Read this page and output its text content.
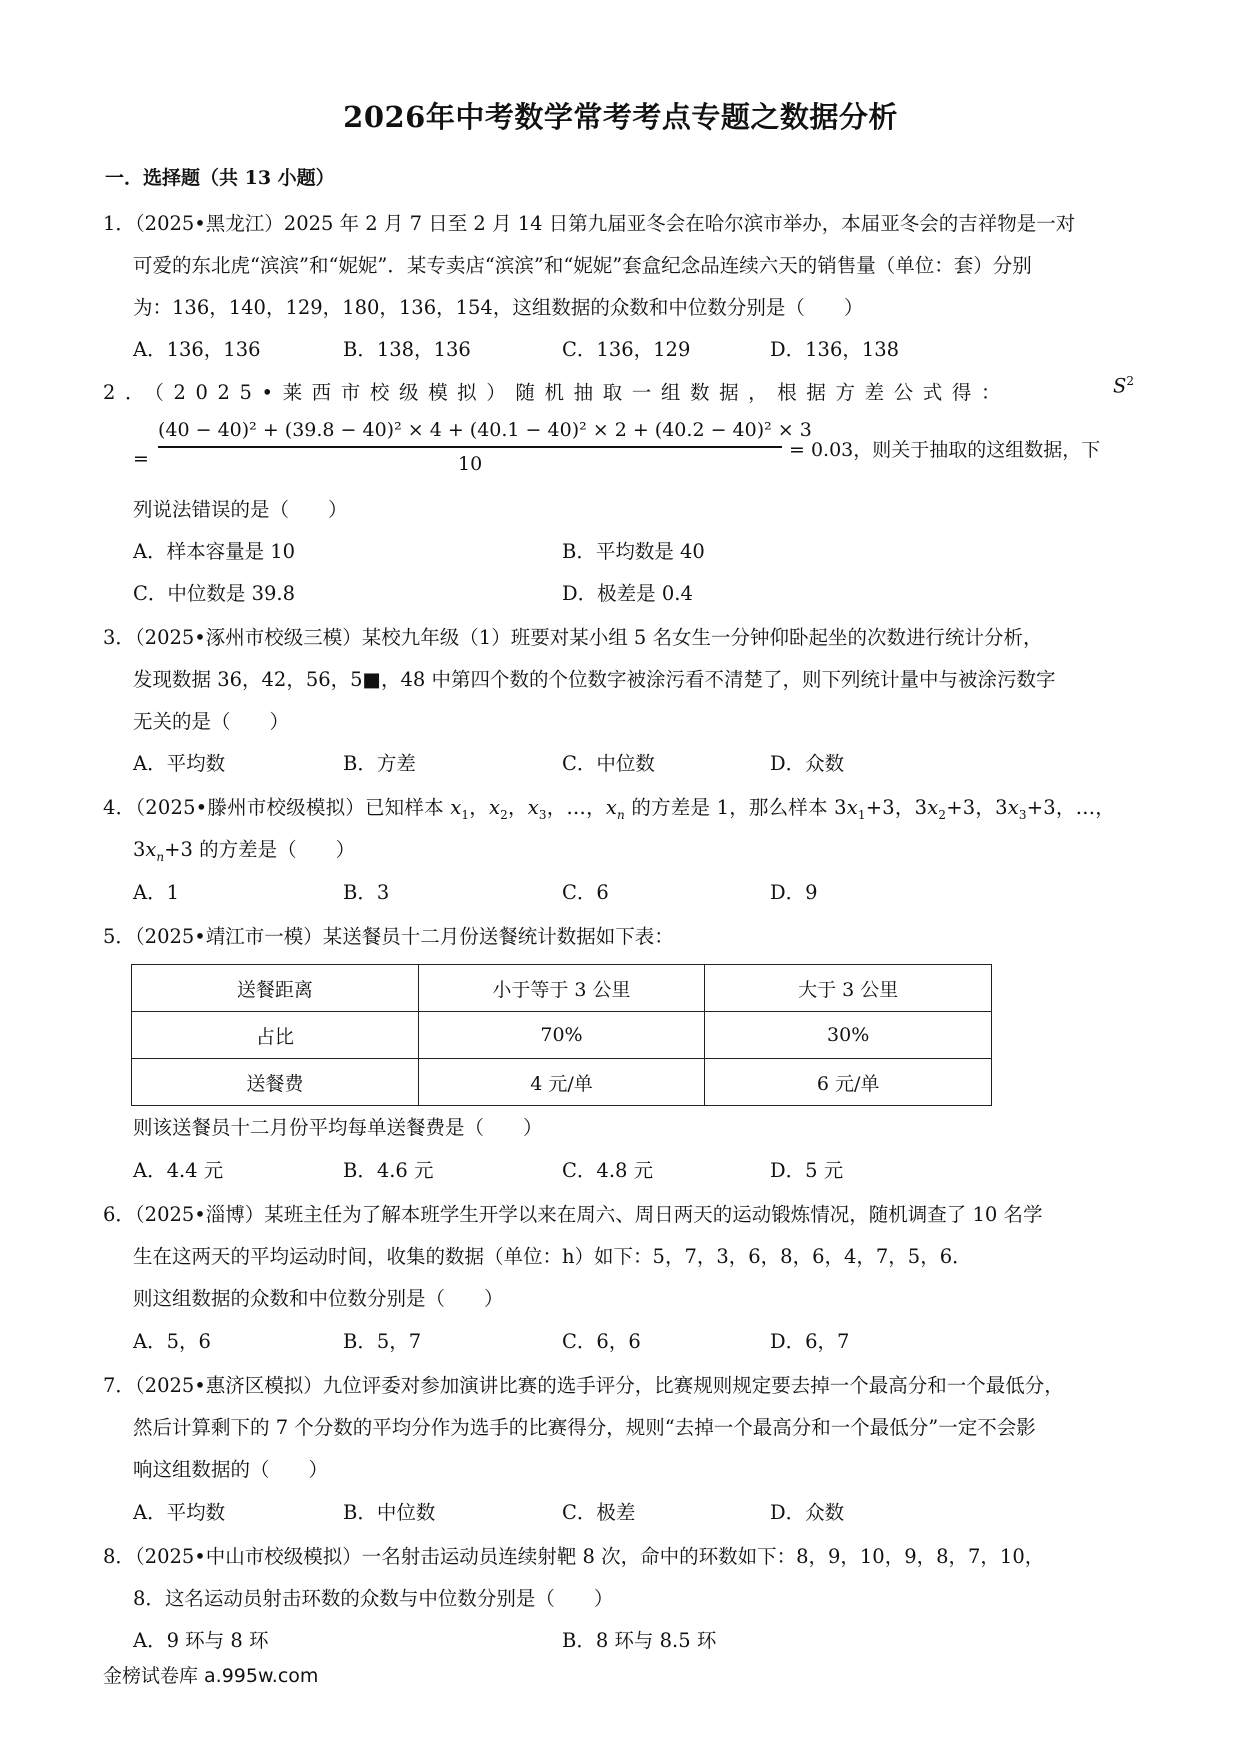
2026年中考数学常考考点专题之数据分析
一．选择题（共 13 小题）
1．（2025•黑龙江）2025 年 2 月 7 日至 2 月 14 日第九届亚冬会在哈尔滨市举办，本届亚冬会的吉祥物是一对
可爱的东北虎“滨滨”和“妮妮”．某专卖店“滨滨”和“妮妮”套盒纪念品连续六天的销售量（单位：套）分别
为：136，140，129，180，136，154，这组数据的众数和中位数分别是（　　）
A．136，136	B．138，136	C．136，129	D．136，138
2．（2025•莱西市校级模拟）随机抽取一组数据，根据方差公式得：	$S^2$
=
(40 − 40)² + (39.8 − 40)² × 4 + (40.1 − 40)² × 2 + (40.2 − 40)² × 3
10
= 0.03，则关于抽取的这组数据，下
列说法错误的是（　　）
A．样本容量是 10	B．平均数是 40
C．中位数是 39.8	D．极差是 0.4
3．（2025•涿州市校级三模）某校九年级（1）班要对某小组 5 名女生一分钟仰卧起坐的次数进行统计分析，
发现数据 36，42，56，5■，48 中第四个数的个位数字被涂污看不清楚了，则下列统计量中与被涂污数字
无关的是（　　）
A．平均数	B．方差	C．中位数	D．众数
4．（2025•滕州市校级模拟）已知样本 $x_1$，$x_2$，$x_3$，…，$x_n$ 的方差是 1，那么样本 $3x_1+3$，$3x_2+3$，$3x_3+3$，…，
$3x_n+3$ 的方差是（　　）
A．1	B．3	C．6	D．9
5．（2025•靖江市一模）某送餐员十二月份送餐统计数据如下表：
送餐距离	小于等于 3 公里	大于 3 公里
占比	70%	30%
送餐费	4 元/单	6 元/单
则该送餐员十二月份平均每单送餐费是（　　）
A．4.4 元	B．4.6 元	C．4.8 元	D．5 元
6．（2025•淄博）某班主任为了解本班学生开学以来在周六、周日两天的运动锻炼情况，随机调查了 10 名学
生在这两天的平均运动时间，收集的数据（单位：h）如下：5，7，3，6，8，6，4，7，5，6．
则这组数据的众数和中位数分别是（　　）
A．5，6	B．5，7	C．6，6	D．6，7
7．（2025•惠济区模拟）九位评委对参加演讲比赛的选手评分，比赛规则规定要去掉一个最高分和一个最低分，
然后计算剩下的 7 个分数的平均分作为选手的比赛得分，规则“去掉一个最高分和一个最低分”一定不会影
响这组数据的（　　）
A．平均数	B．中位数	C．极差	D．众数
8．（2025•中山市校级模拟）一名射击运动员连续射靶 8 次，命中的环数如下：8，9，10，9，8，7，10，
8．这名运动员射击环数的众数与中位数分别是（　　）
A．9 环与 8 环	B．8 环与 8.5 环
金榜试卷库 a.995w.com
